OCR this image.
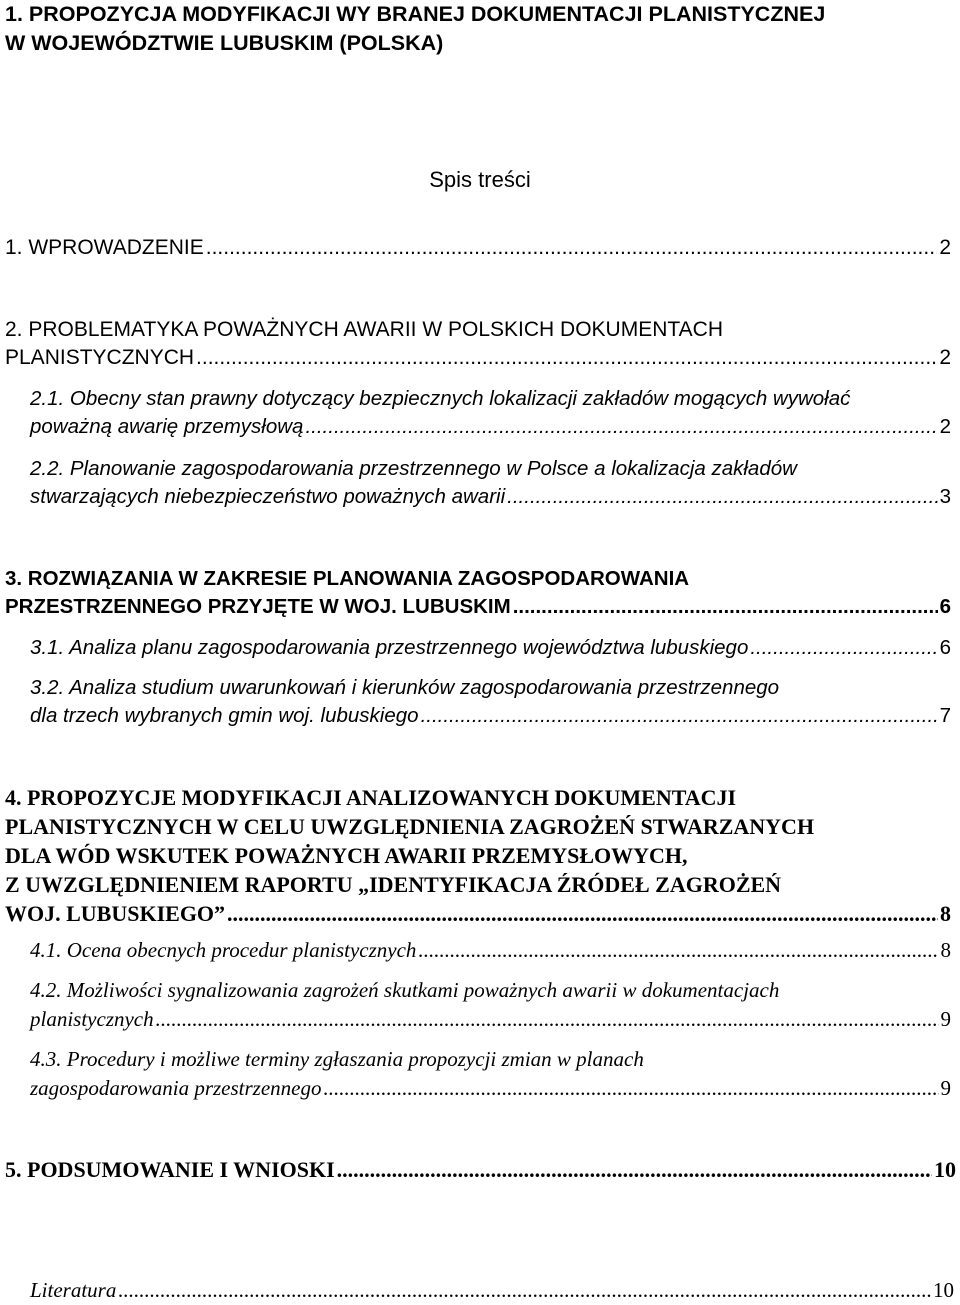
1. PROPOZYCJA MODYFIKACJI WY BRANEJ DOKUMENTACJI PLANISTYCZNEJ
W WOJEWÓDZTWIE LUBUSKIM (POLSKA)
Spis treści
1. WPROWADZENIE .....	2
2. PROBLEMATYKA POWAŻNYCH AWARII W POLSKICH DOKUMENTACH
PLANISTYCZNYCH .....	2
2.1. Obecny stan prawny dotyczący bezpiecznych lokalizacji zakładów mogących wywołać
poważną awarię przemysłową .....	2
2.2. Planowanie zagospodarowania przestrzennego w Polsce a lokalizacja zakładów
stwarzających niebezpieczeństwo poważnych awarii .....	3
3. ROZWIĄZANIA W ZAKRESIE PLANOWANIA ZAGOSPODAROWANIA
PRZESTRZENNEGO PRZYJĘTE W WOJ. LUBUSKIM .....	6
3.1. Analiza planu zagospodarowania przestrzennego województwa lubuskiego .....	6
3.2. Analiza studium uwarunkowań i kierunków zagospodarowania przestrzennego
dla trzech wybranych gmin woj. lubuskiego .....	7
4. PROPOZYCJE MODYFIKACJI ANALIZOWANYCH DOKUMENTACJI
PLANISTYCZNYCH W CELU UWZGLĘDNIENIA ZAGROŻEŃ STWARZANYCH
DLA WÓD WSKUTEK POWAŻNYCH AWARII PRZEMYSŁOWYCH,
Z UWZGLĘDNIENIEM RAPORTU „IDENTYFIKACJA ŹRÓDEŁ ZAGROŻEŃ
WOJ. LUBUSKIEGO” .....	8
4.1. Ocena obecnych procedur planistycznych .....	8
4.2. Możliwości sygnalizowania zagrożeń skutkami poważnych awarii w dokumentacjach
planistycznych .....	9
4.3. Procedury i możliwe terminy zgłaszania propozycji zmian w planach
zagospodarowania przestrzennego .....	9
5. PODSUMOWANIE I WNIOSKI .....	10
Literatura .....	10
